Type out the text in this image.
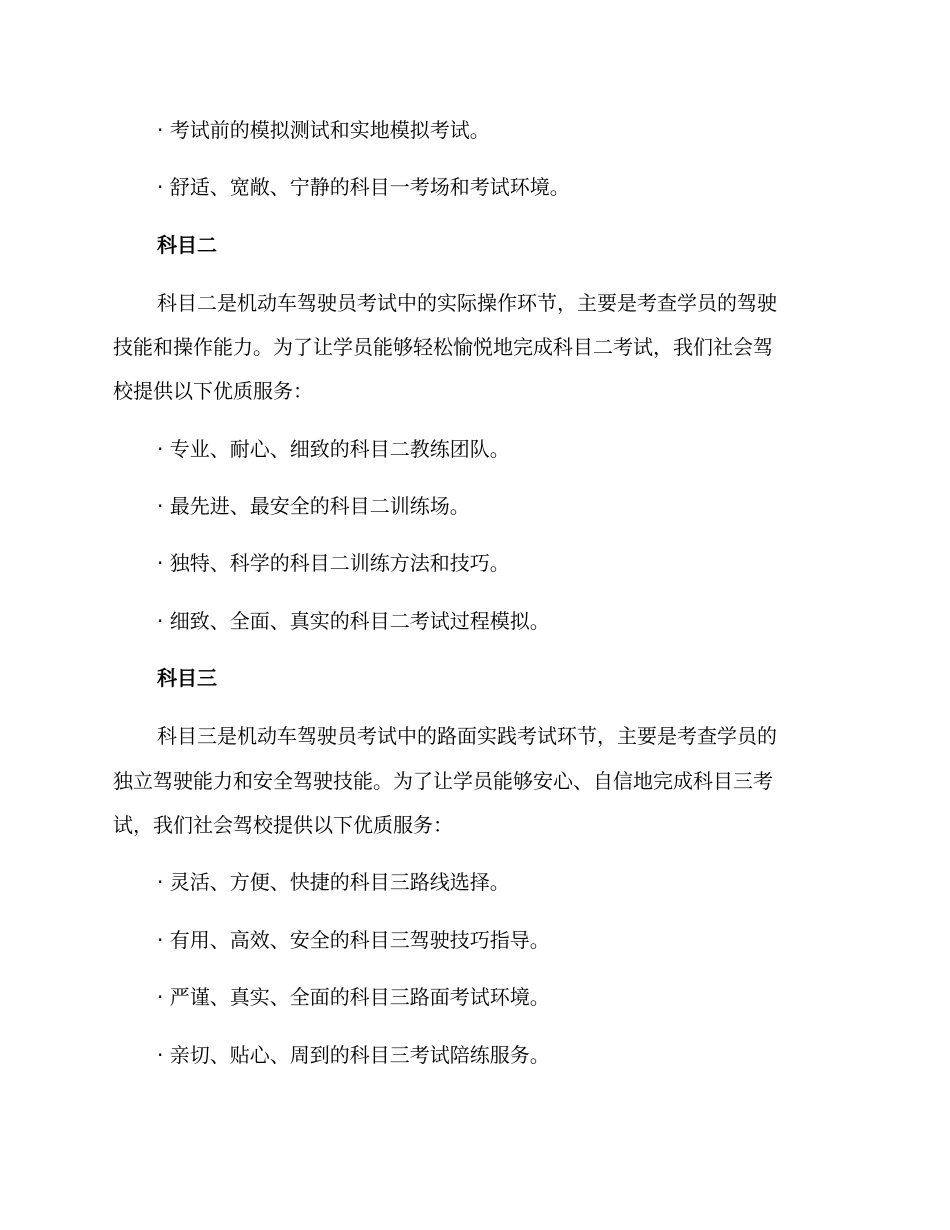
· 考试前的模拟测试和实地模拟考试。
· 舒适、宽敞、宁静的科目一考场和考试环境。
科目二
科目二是机动车驾驶员考试中的实际操作环节，主要是考查学员的驾驶
技能和操作能力。为了让学员能够轻松愉悦地完成科目二考试，我们社会驾
校提供以下优质服务：
· 专业、耐心、细致的科目二教练团队。
· 最先进、最安全的科目二训练场。
· 独特、科学的科目二训练方法和技巧。
· 细致、全面、真实的科目二考试过程模拟。
科目三
科目三是机动车驾驶员考试中的路面实践考试环节，主要是考查学员的
独立驾驶能力和安全驾驶技能。为了让学员能够安心、自信地完成科目三考
试，我们社会驾校提供以下优质服务：
· 灵活、方便、快捷的科目三路线选择。
· 有用、高效、安全的科目三驾驶技巧指导。
· 严谨、真实、全面的科目三路面考试环境。
· 亲切、贴心、周到的科目三考试陪练服务。
